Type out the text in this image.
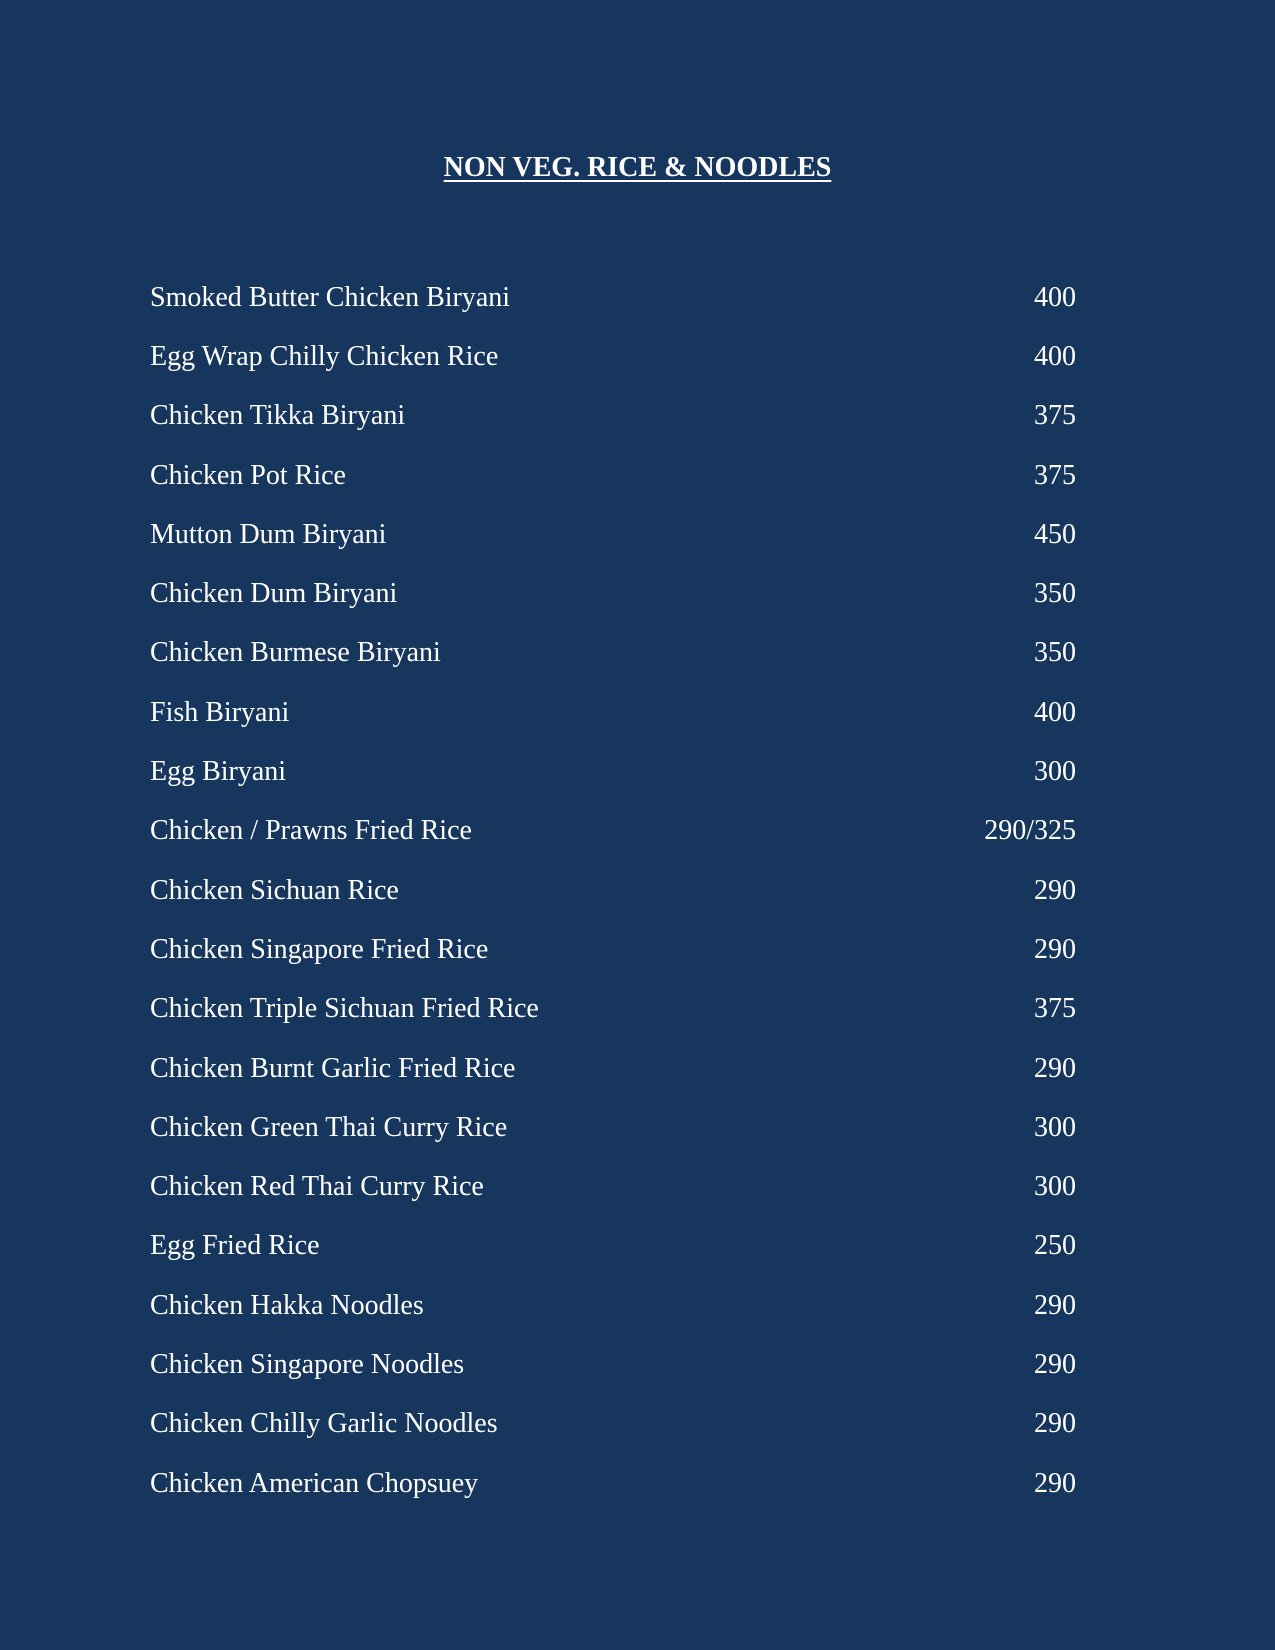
NON VEG. RICE & NOODLES
Smoked Butter Chicken Biryani	400
Egg Wrap Chilly Chicken Rice	400
Chicken Tikka Biryani	375
Chicken Pot Rice	375
Mutton Dum Biryani	450
Chicken Dum Biryani	350
Chicken Burmese Biryani	350
Fish Biryani	400
Egg Biryani	300
Chicken / Prawns Fried Rice	290/325
Chicken Sichuan Rice	290
Chicken Singapore Fried Rice	290
Chicken Triple Sichuan Fried Rice	375
Chicken Burnt Garlic Fried Rice	290
Chicken Green Thai Curry Rice	300
Chicken Red Thai Curry Rice	300
Egg Fried Rice	250
Chicken Hakka Noodles	290
Chicken Singapore Noodles	290
Chicken Chilly Garlic Noodles	290
Chicken American Chopsuey	290
